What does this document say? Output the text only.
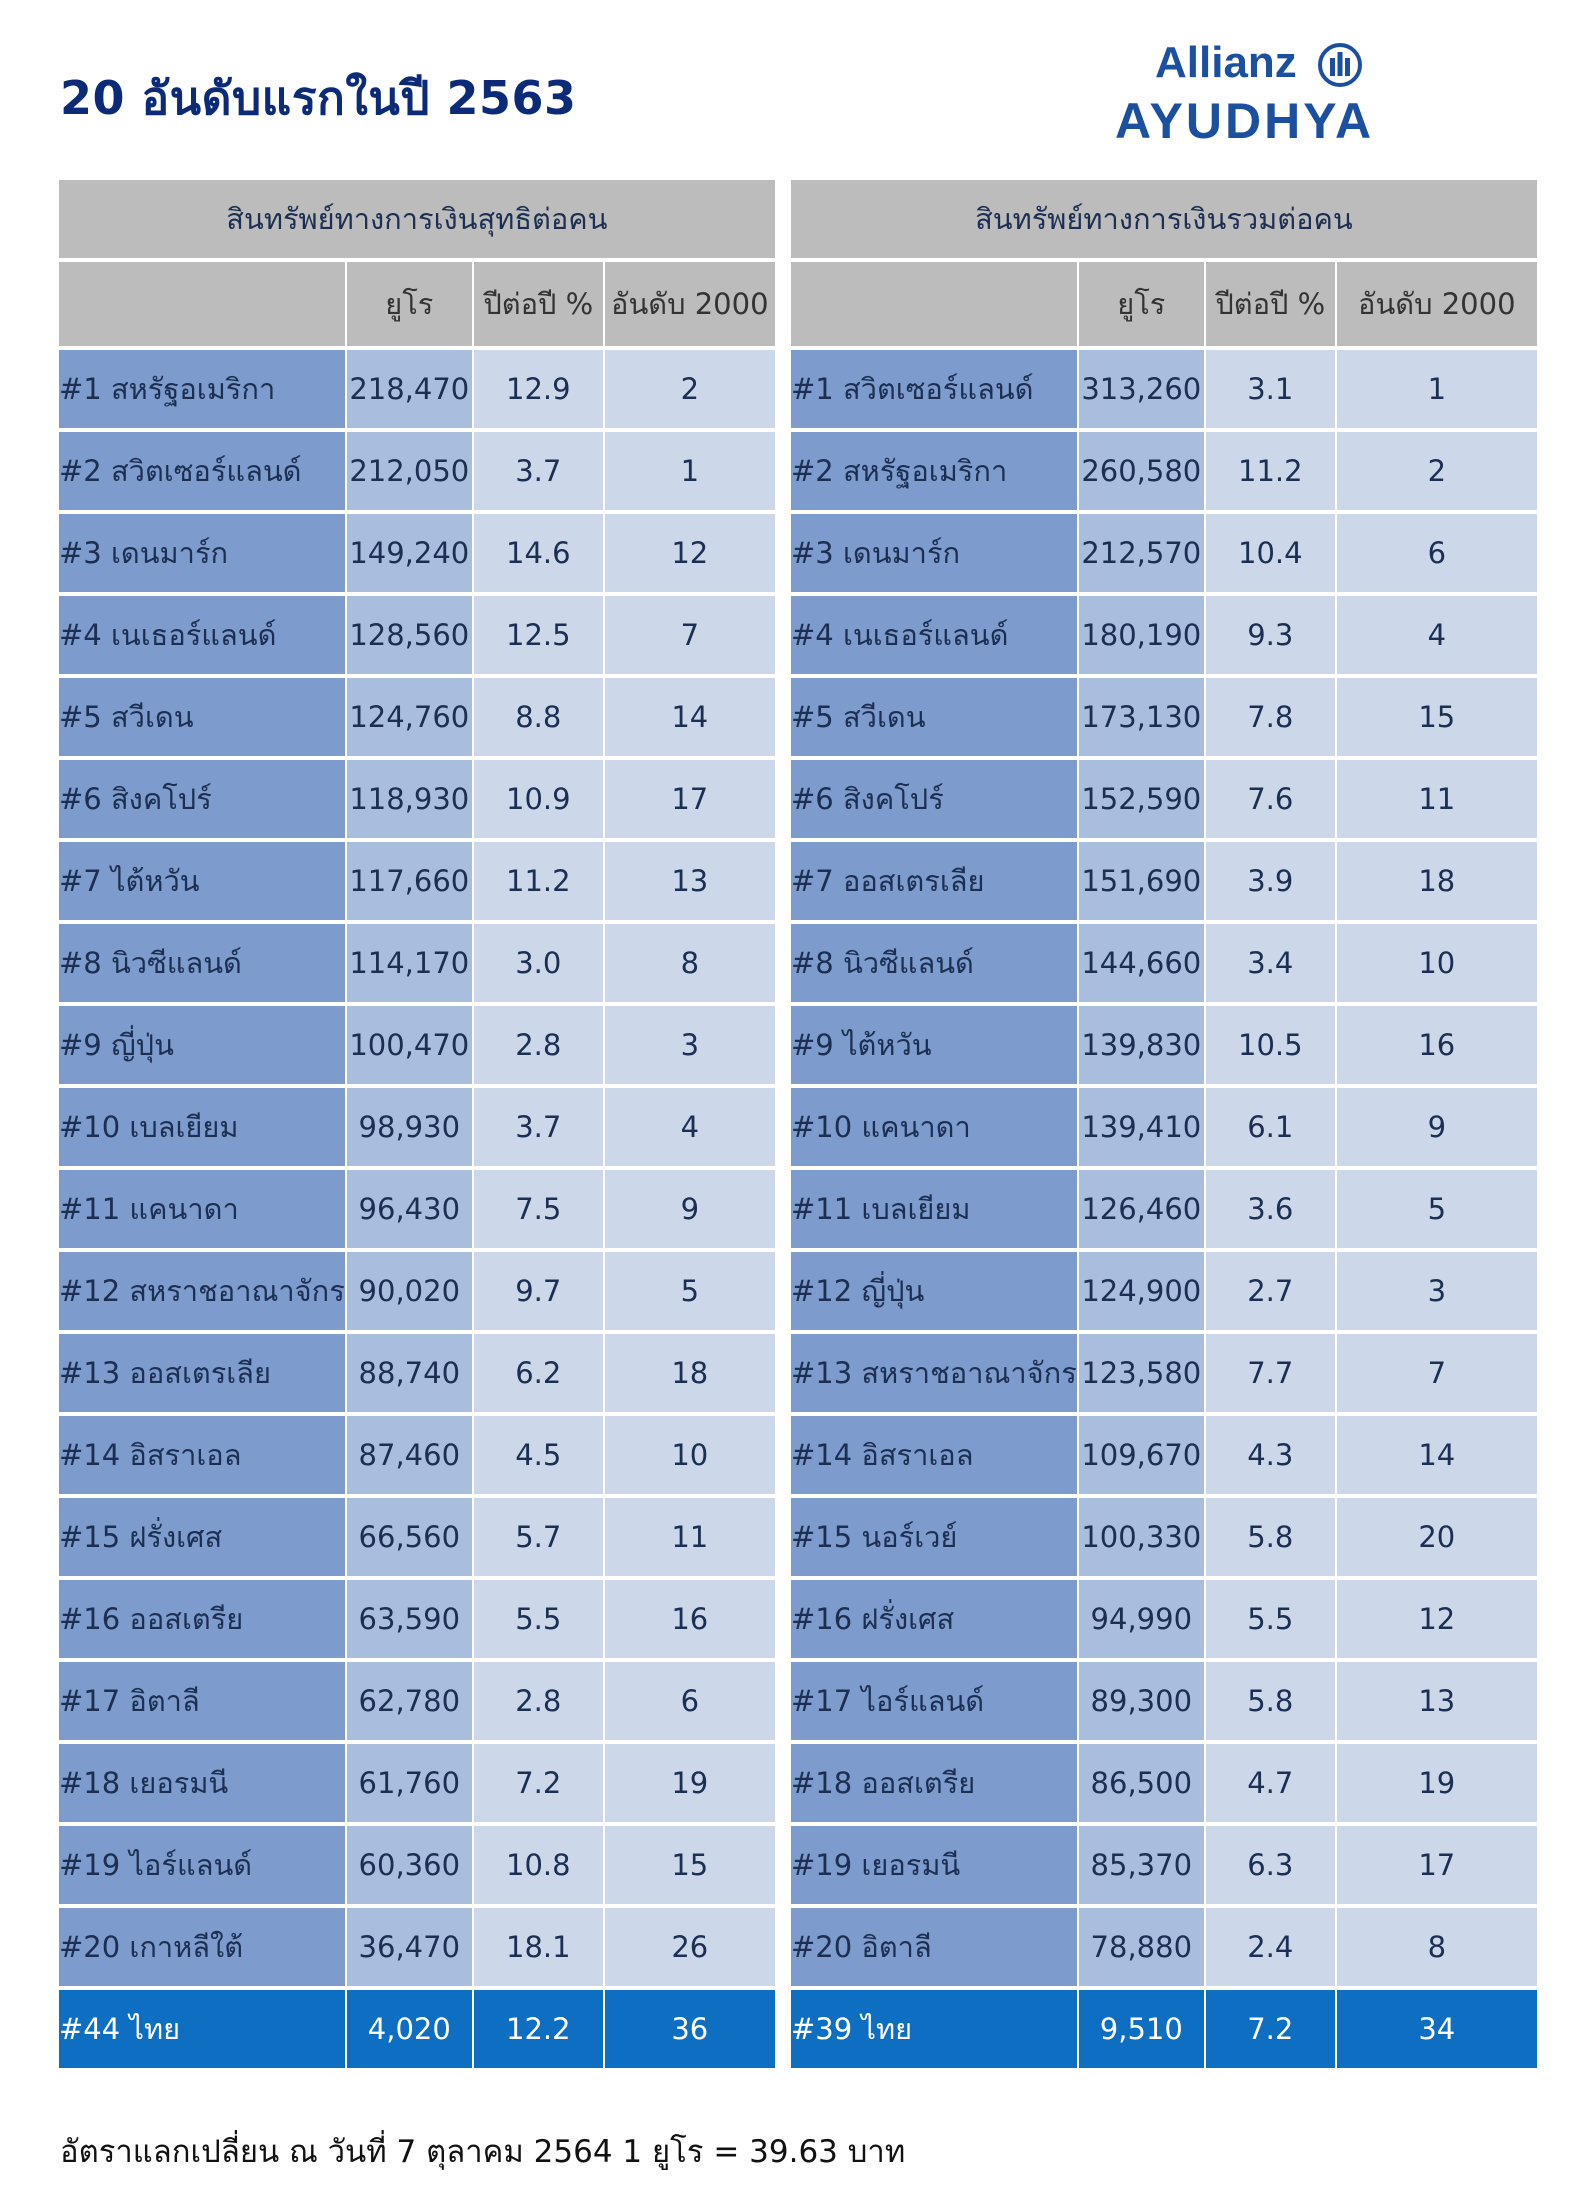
20 อันดับแรกในปี 2563
Allianz
AYUDHYA
สินทรัพย์ทางการเงินสุทธิต่อคน			
	ยูโร	ปีต่อปี %	อันดับ 2000
#1 สหรัฐอเมริกา	218,470	12.9	2
#2 สวิตเซอร์แลนด์	212,050	3.7	1
#3 เดนมาร์ก	149,240	14.6	12
#4 เนเธอร์แลนด์	128,560	12.5	7
#5 สวีเดน	124,760	8.8	14
#6 สิงคโปร์	118,930	10.9	17
#7 ไต้หวัน	117,660	11.2	13
#8 นิวซีแลนด์	114,170	3.0	8
#9 ญี่ปุ่น	100,470	2.8	3
#10 เบลเยียม	98,930	3.7	4
#11 แคนาดา	96,430	7.5	9
#12 สหราชอาณาจักร	90,020	9.7	5
#13 ออสเตรเลีย	88,740	6.2	18
#14 อิสราเอล	87,460	4.5	10
#15 ฝรั่งเศส	66,560	5.7	11
#16 ออสเตรีย	63,590	5.5	16
#17 อิตาลี	62,780	2.8	6
#18 เยอรมนี	61,760	7.2	19
#19 ไอร์แลนด์	60,360	10.8	15
#20 เกาหลีใต้	36,470	18.1	26
#44 ไทย	4,020	12.2	36
สินทรัพย์ทางการเงินรวมต่อคน			
	ยูโร	ปีต่อปี %	อันดับ 2000
#1 สวิตเซอร์แลนด์	313,260	3.1	1
#2 สหรัฐอเมริกา	260,580	11.2	2
#3 เดนมาร์ก	212,570	10.4	6
#4 เนเธอร์แลนด์	180,190	9.3	4
#5 สวีเดน	173,130	7.8	15
#6 สิงคโปร์	152,590	7.6	11
#7 ออสเตรเลีย	151,690	3.9	18
#8 นิวซีแลนด์	144,660	3.4	10
#9 ไต้หวัน	139,830	10.5	16
#10 แคนาดา	139,410	6.1	9
#11 เบลเยียม	126,460	3.6	5
#12 ญี่ปุ่น	124,900	2.7	3
#13 สหราชอาณาจักร	123,580	7.7	7
#14 อิสราเอล	109,670	4.3	14
#15 นอร์เวย์	100,330	5.8	20
#16 ฝรั่งเศส	94,990	5.5	12
#17 ไอร์แลนด์	89,300	5.8	13
#18 ออสเตรีย	86,500	4.7	19
#19 เยอรมนี	85,370	6.3	17
#20 อิตาลี	78,880	2.4	8
#39 ไทย	9,510	7.2	34
อัตราแลกเปลี่ยน ณ วันที่ 7 ตุลาคม 2564 1 ยูโร = 39.63 บาท
